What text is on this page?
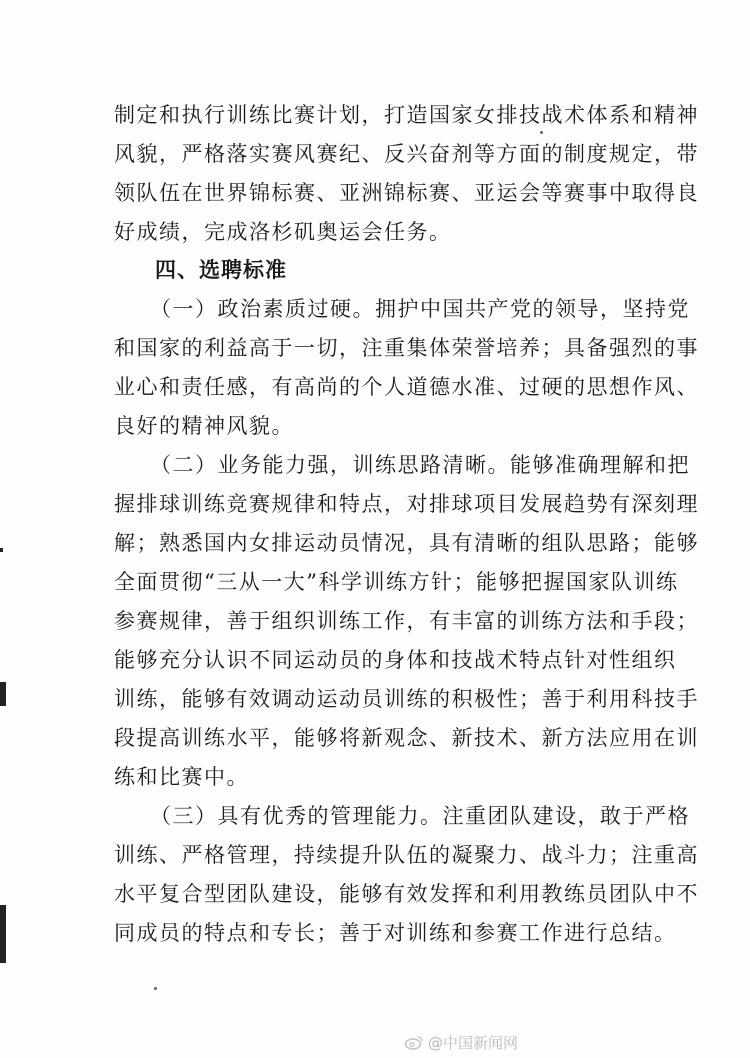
制定和执行训练比赛计划，打造国家女排技战术体系和精神
风貌，严格落实赛风赛纪、反兴奋剂等方面的制度规定，带
领队伍在世界锦标赛、亚洲锦标赛、亚运会等赛事中取得良
好成绩，完成洛杉矶奥运会任务。
四、选聘标准
（一）政治素质过硬。拥护中国共产党的领导，坚持党
和国家的利益高于一切，注重集体荣誉培养；具备强烈的事
业心和责任感，有高尚的个人道德水准、过硬的思想作风、
良好的精神风貌。
（二）业务能力强，训练思路清晰。能够准确理解和把
握排球训练竞赛规律和特点，对排球项目发展趋势有深刻理
解；熟悉国内女排运动员情况，具有清晰的组队思路；能够
全面贯彻“三从一大”科学训练方针；能够把握国家队训练
参赛规律，善于组织训练工作，有丰富的训练方法和手段；
能够充分认识不同运动员的身体和技战术特点针对性组织
训练，能够有效调动运动员训练的积极性；善于利用科技手
段提高训练水平，能够将新观念、新技术、新方法应用在训
练和比赛中。
（三）具有优秀的管理能力。注重团队建设，敢于严格
训练、严格管理，持续提升队伍的凝聚力、战斗力；注重高
水平复合型团队建设，能够有效发挥和利用教练员团队中不
同成员的特点和专长；善于对训练和参赛工作进行总结。
@中国新闻网
